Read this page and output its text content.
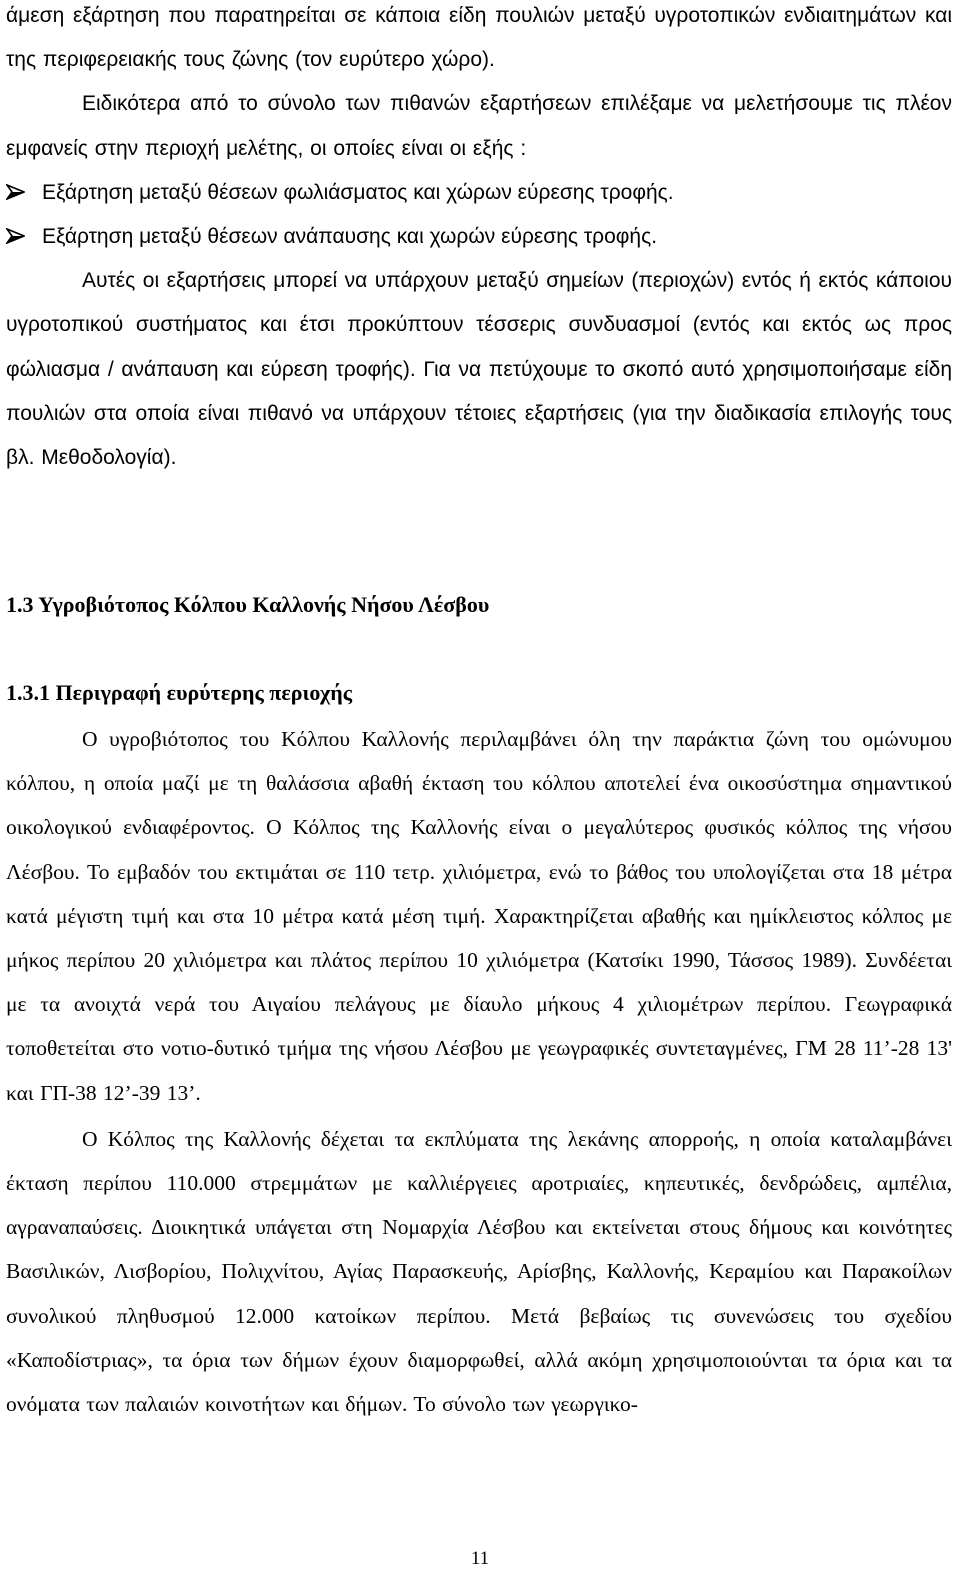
άμεση εξάρτηση που παρατηρείται σε κάποια είδη πουλιών μεταξύ υγροτοπικών ενδιαιτημάτων και της περιφερειακής τους ζώνης (τον ευρύτερο χώρο).

Ειδικότερα από το σύνολο των πιθανών εξαρτήσεων επιλέξαμε να μελετήσουμε τις πλέον εμφανείς στην περιοχή μελέτης, οι οποίες είναι οι εξής :

Εξάρτηση μεταξύ θέσεων φωλιάσματος και χώρων εύρεσης τροφής.
Εξάρτηση μεταξύ θέσεων ανάπαυσης και χωρών εύρεσης τροφής.

Αυτές οι εξαρτήσεις μπορεί να υπάρχουν μεταξύ σημείων (περιοχών) εντός ή εκτός κάποιου υγροτοπικού συστήματος και έτσι προκύπτουν τέσσερις συνδυασμοί (εντός και εκτός ως προς φώλιασμα / ανάπαυση και εύρεση τροφής). Για να πετύχουμε το σκοπό αυτό χρησιμοποιήσαμε είδη πουλιών στα οποία είναι πιθανό να υπάρχουν τέτοιες εξαρτήσεις (για την διαδικασία επιλογής τους βλ. Μεθοδολογία).

1.3 Υγροβιότοπος Κόλπου Καλλονής Νήσου Λέσβου
1.3.1 Περιγραφή ευρύτερης περιοχής

Ο υγροβιότοπος του Κόλπου Καλλονής περιλαμβάνει όλη την παράκτια ζώνη του ομώνυμου κόλπου, η οποία μαζί με τη θαλάσσια αβαθή έκταση του κόλπου αποτελεί ένα οικοσύστημα σημαντικού οικολογικού ενδιαφέροντος. Ο Κόλπος της Καλλονής είναι ο μεγαλύτερος φυσικός κόλπος της νήσου Λέσβου. Το εμβαδόν του εκτιμάται σε 110 τετρ. χιλιόμετρα, ενώ το βάθος του υπολογίζεται στα 18 μέτρα κατά μέγιστη τιμή και στα 10 μέτρα κατά μέση τιμή. Χαρακτηρίζεται αβαθής και ημίκλειστος κόλπος με μήκος περίπου 20 χιλιόμετρα και πλάτος περίπου 10 χιλιόμετρα (Κατσίκι 1990, Τάσσος 1989). Συνδέεται με τα ανοιχτά νερά του Αιγαίου πελάγους με δίαυλο μήκους 4 χιλιομέτρων περίπου. Γεωγραφικά τοποθετείται στο νοτιο-δυτικό τμήμα της νήσου Λέσβου με γεωγραφικές συντεταγμένες, ΓΜ 28 11’-28 13' και ΓΠ-38 12’-39 13’.

Ο Κόλπος της Καλλονής δέχεται τα εκπλύματα της λεκάνης απορροής, η οποία καταλαμβάνει έκταση περίπου 110.000 στρεμμάτων με καλλιέργειες αροτριαίες, κηπευτικές, δενδρώδεις, αμπέλια, αγραναπαύσεις. Διοικητικά υπάγεται στη Νομαρχία Λέσβου και εκτείνεται στους δήμους και κοινότητες Βασιλικών, Λισβορίου, Πολιχνίτου, Αγίας Παρασκευής, Αρίσβης, Καλλονής, Κεραμίου και Παρακοίλων συνολικού πληθυσμού 12.000 κατοίκων περίπου. Μετά βεβαίως τις συνενώσεις του σχεδίου «Καποδίστριας», τα όρια των δήμων έχουν διαμορφωθεί, αλλά ακόμη χρησιμοποιούνται τα όρια και τα ονόματα των παλαιών κοινοτήτων και δήμων. Το σύνολο των γεωργικο-

11
